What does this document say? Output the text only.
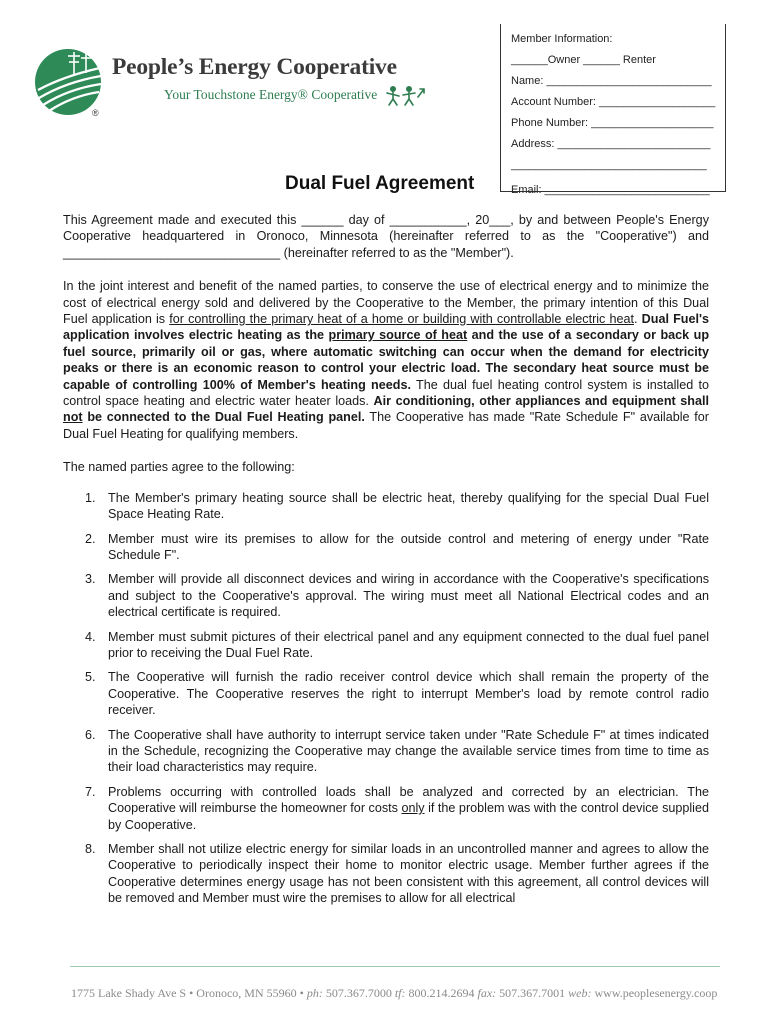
®
People’s Energy Cooperative
Your Touchstone Energy® Cooperative
Member Information:
______Owner ______ Renter
Name: ___________________________
Account Number: ___________________
Phone Number: ____________________
Address: _________________________
________________________________
Email: ___________________________
Dual Fuel Agreement

This Agreement made and executed this ______ day of ___________, 20___, by and between People's Energy Cooperative headquartered in Oronoco, Minnesota (hereinafter referred to as the "Cooperative") and _______________________________ (hereinafter referred to as the "Member").

In the joint interest and benefit of the named parties, to conserve the use of electrical energy and to minimize the cost of electrical energy sold and delivered by the Cooperative to the Member, the primary intention of this Dual Fuel application is for controlling the primary heat of a home or building with controllable electric heat. Dual Fuel's application involves electric heating as the primary source of heat and the use of a secondary or back up fuel source, primarily oil or gas, where automatic switching can occur when the demand for electricity peaks or there is an economic reason to control your electric load. The secondary heat source must be capable of controlling 100% of Member's heating needs. The dual fuel heating control system is installed to control space heating and electric water heater loads. Air conditioning, other appliances and equipment shall not be connected to the Dual Fuel Heating panel. The Cooperative has made "Rate Schedule F" available for Dual Fuel Heating for qualifying members.

The named parties agree to the following:

1. The Member's primary heating source shall be electric heat, thereby qualifying for the special Dual Fuel Space Heating Rate.
2. Member must wire its premises to allow for the outside control and metering of energy under "Rate Schedule F".
3. Member will provide all disconnect devices and wiring in accordance with the Cooperative's specifications and subject to the Cooperative's approval. The wiring must meet all National Electrical codes and an electrical certificate is required.
4. Member must submit pictures of their electrical panel and any equipment connected to the dual fuel panel prior to receiving the Dual Fuel Rate.
5. The Cooperative will furnish the radio receiver control device which shall remain the property of the Cooperative. The Cooperative reserves the right to interrupt Member's load by remote control radio receiver.
6. The Cooperative shall have authority to interrupt service taken under "Rate Schedule F" at times indicated in the Schedule, recognizing the Cooperative may change the available service times from time to time as their load characteristics may require.
7. Problems occurring with controlled loads shall be analyzed and corrected by an electrician. The Cooperative will reimburse the homeowner for costs only if the problem was with the control device supplied by Cooperative.
8. Member shall not utilize electric energy for similar loads in an uncontrolled manner and agrees to allow the Cooperative to periodically inspect their home to monitor electric usage. Member further agrees if the Cooperative determines energy usage has not been consistent with this agreement, all control devices will be removed and Member must wire the premises to allow for all electrical
1775 Lake Shady Ave S • Oronoco, MN 55960 • ph: 507.367.7000 tf: 800.214.2694 fax: 507.367.7001 web: www.peoplesenergy.coop
